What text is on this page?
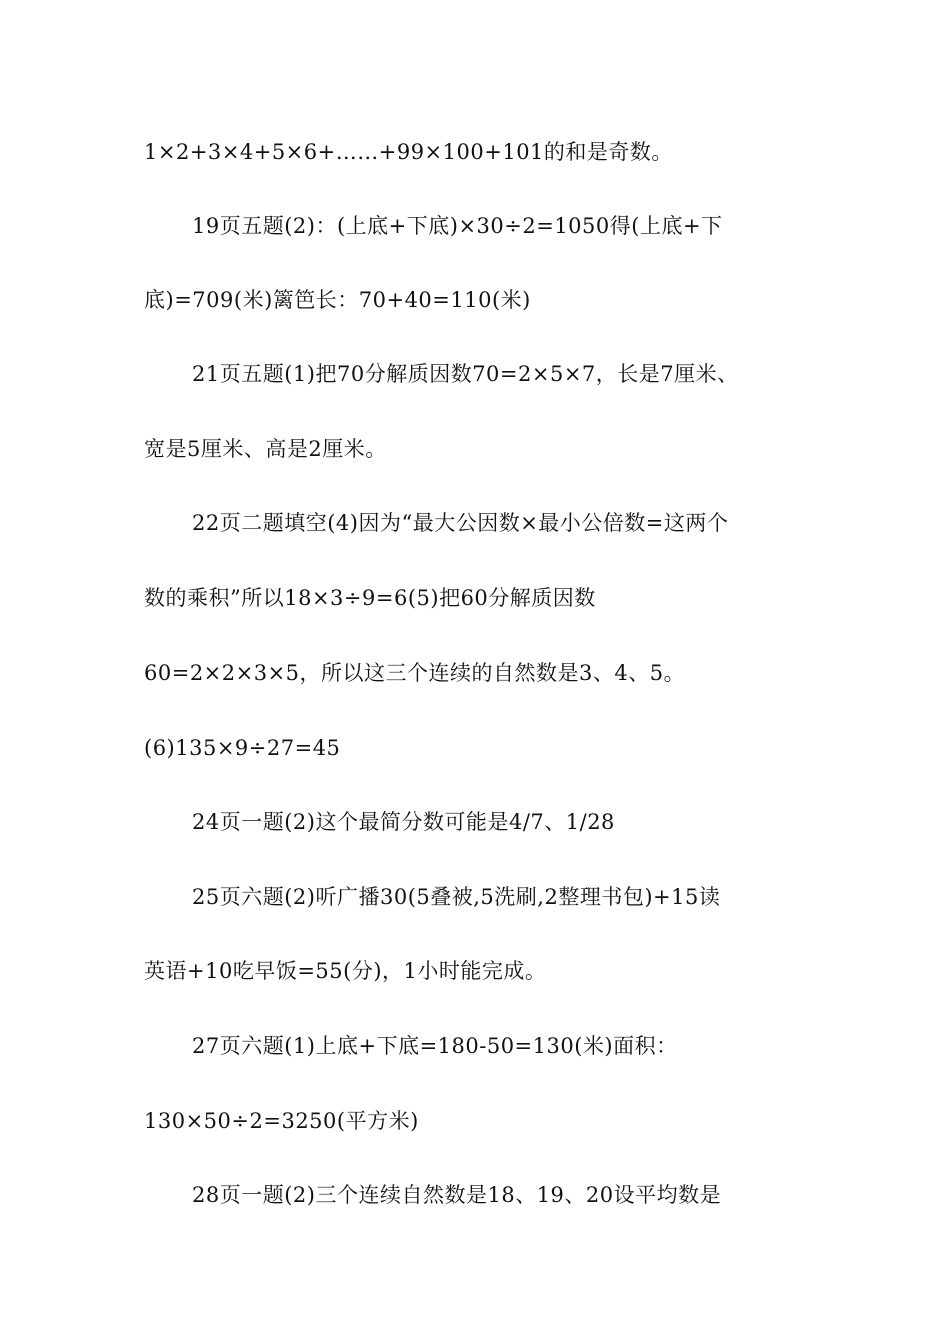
1×2+3×4+5×6+……+99×100+101的和是奇数。
19页五题(2)：(上底+下底)×30÷2=1050得(上底+下
底)=709(米)篱笆长：70+40=110(米)
21页五题(1)把70分解质因数70=2×5×7，长是7厘米、
宽是5厘米、高是2厘米。
22页二题填空(4)因为“最大公因数×最小公倍数=这两个
数的乘积”所以18×3÷9=6(5)把60分解质因数
60=2×2×3×5，所以这三个连续的自然数是3、4、5。
(6)135×9÷27=45
24页一题(2)这个最简分数可能是4/7、1/28
25页六题(2)听广播30(5叠被,5洗刷,2整理书包)+15读
英语+10吃早饭=55(分)，1小时能完成。
27页六题(1)上底+下底=180-50=130(米)面积：
130×50÷2=3250(平方米)
28页一题(2)三个连续自然数是18、19、20设平均数是
